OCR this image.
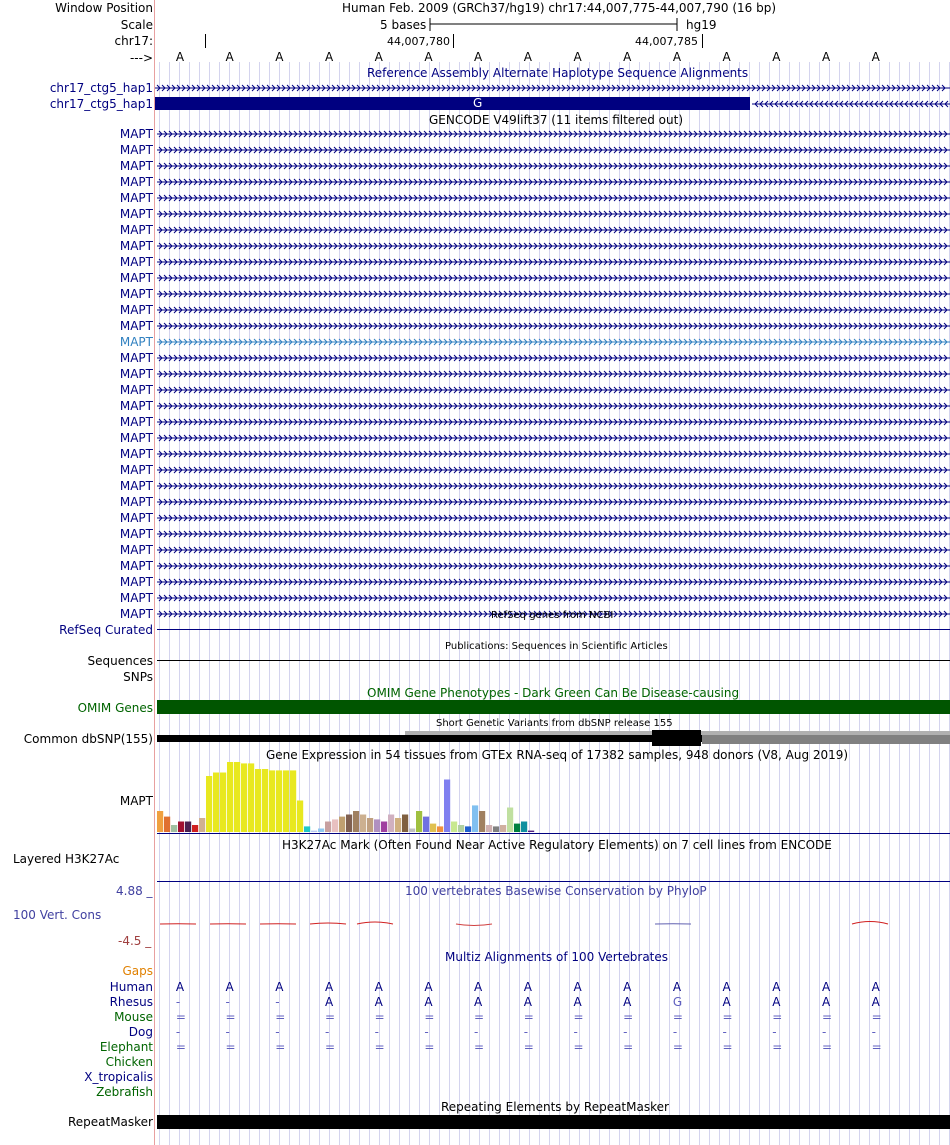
Window Position	Human Feb. 2009 (GRCh37/hg19) chr17:44,007,775-44,007,790 (16 bp)
Scale	5 bases	hg19
chr17:	44,007,780	44,007,785
---> A	A	A	A	A	A	A	A	A	A	A	A	A	A	A
Reference Assembly Alternate Haplotype Sequence Alignments
chr17_ctg5_hap1
chr17_ctg5_hap1	G
GENCODE V49lift37 (11 items filtered out)
MAPT
MAPT
MAPT
MAPT
MAPT
MAPT
MAPT
MAPT
MAPT
MAPT
MAPT
MAPT
MAPT
MAPT
MAPT
MAPT
MAPT
MAPT
MAPT
MAPT
MAPT
MAPT
MAPT
MAPT
MAPT
MAPT
MAPT
MAPT
MAPT
MAPT
MAPT	RefSeq genes from NCBI
RefSeq Curated
Publications: Sequences in Scientific Articles
Sequences
SNPs
OMIM Gene Phenotypes - Dark Green Can Be Disease-causing
OMIM Genes
Short Genetic Variants from dbSNP release 155
Common dbSNP(155)
Gene Expression in 54 tissues from GTEx RNA-seq of 17382 samples, 948 donors (V8, Aug 2019)
MAPT
H3K27Ac Mark (Often Found Near Active Regulatory Elements) on 7 cell lines from ENCODE
Layered H3K27Ac
100 vertebrates Basewise Conservation by PhyloP
4.88 _
100 Vert. Cons
-4.5 _
Multiz Alignments of 100 Vertebrates
Gaps
Human A	A	A	A	A	A	A	A	A	A	A	A	A	A	A
Rhesus -	-	-	A	A	A	A	A	A	A	G	A	A	A	A
Mouse =	=	=	=	=	=	=	=	=	=	=	=	=	=	=
Dog -	-	-	-	-	-	-	-	-	-	-	-	-	-	-
Elephant =	=	=	=	=	=	=	=	=	=	=	=	=	=	=
Chicken
X_tropicalis
Zebrafish
Repeating Elements by RepeatMasker
RepeatMasker
